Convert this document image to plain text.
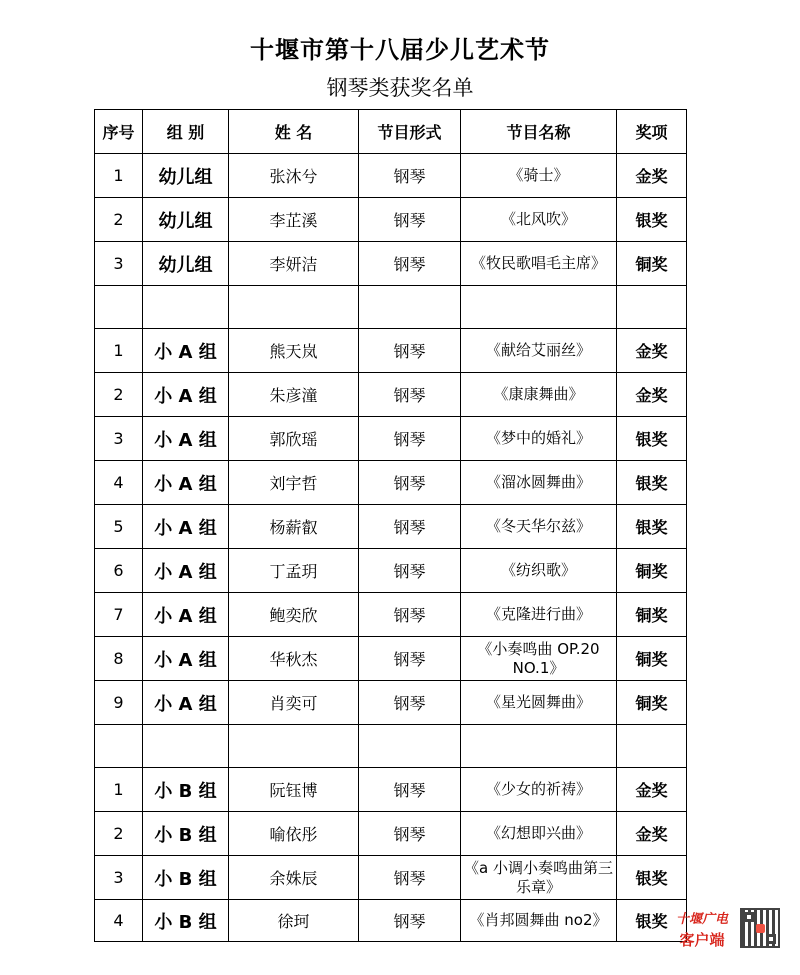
十堰市第十八届少儿艺术节
钢琴类获奖名单
序号	组 别	姓 名	节目形式	节目名称	奖项
1	幼儿组	张沐兮	钢琴	《骑士》	金奖
2	幼儿组	李芷溪	钢琴	《北风吹》	银奖
3	幼儿组	李妍洁	钢琴	《牧民歌唱毛主席》	铜奖

1	小 A 组	熊天岚	钢琴	《献给艾丽丝》	金奖
2	小 A 组	朱彦潼	钢琴	《康康舞曲》	金奖
3	小 A 组	郭欣瑶	钢琴	《梦中的婚礼》	银奖
4	小 A 组	刘宇哲	钢琴	《溜冰圆舞曲》	银奖
5	小 A 组	杨薪叡	钢琴	《冬天华尔兹》	银奖
6	小 A 组	丁孟玥	钢琴	《纺织歌》	铜奖
7	小 A 组	鲍奕欣	钢琴	《克隆进行曲》	铜奖
8	小 A 组	华秋杰	钢琴	《小奏鸣曲 OP.20 NO.1》	铜奖
9	小 A 组	肖奕可	钢琴	《星光圆舞曲》	铜奖

1	小 B 组	阮钰博	钢琴	《少女的祈祷》	金奖
2	小 B 组	喻依彤	钢琴	《幻想即兴曲》	金奖
3	小 B 组	余姝辰	钢琴	《a 小调小奏鸣曲第三乐章》	银奖
4	小 B 组	徐珂	钢琴	《肖邦圆舞曲 no2》	银奖 十堰广电
客户端
